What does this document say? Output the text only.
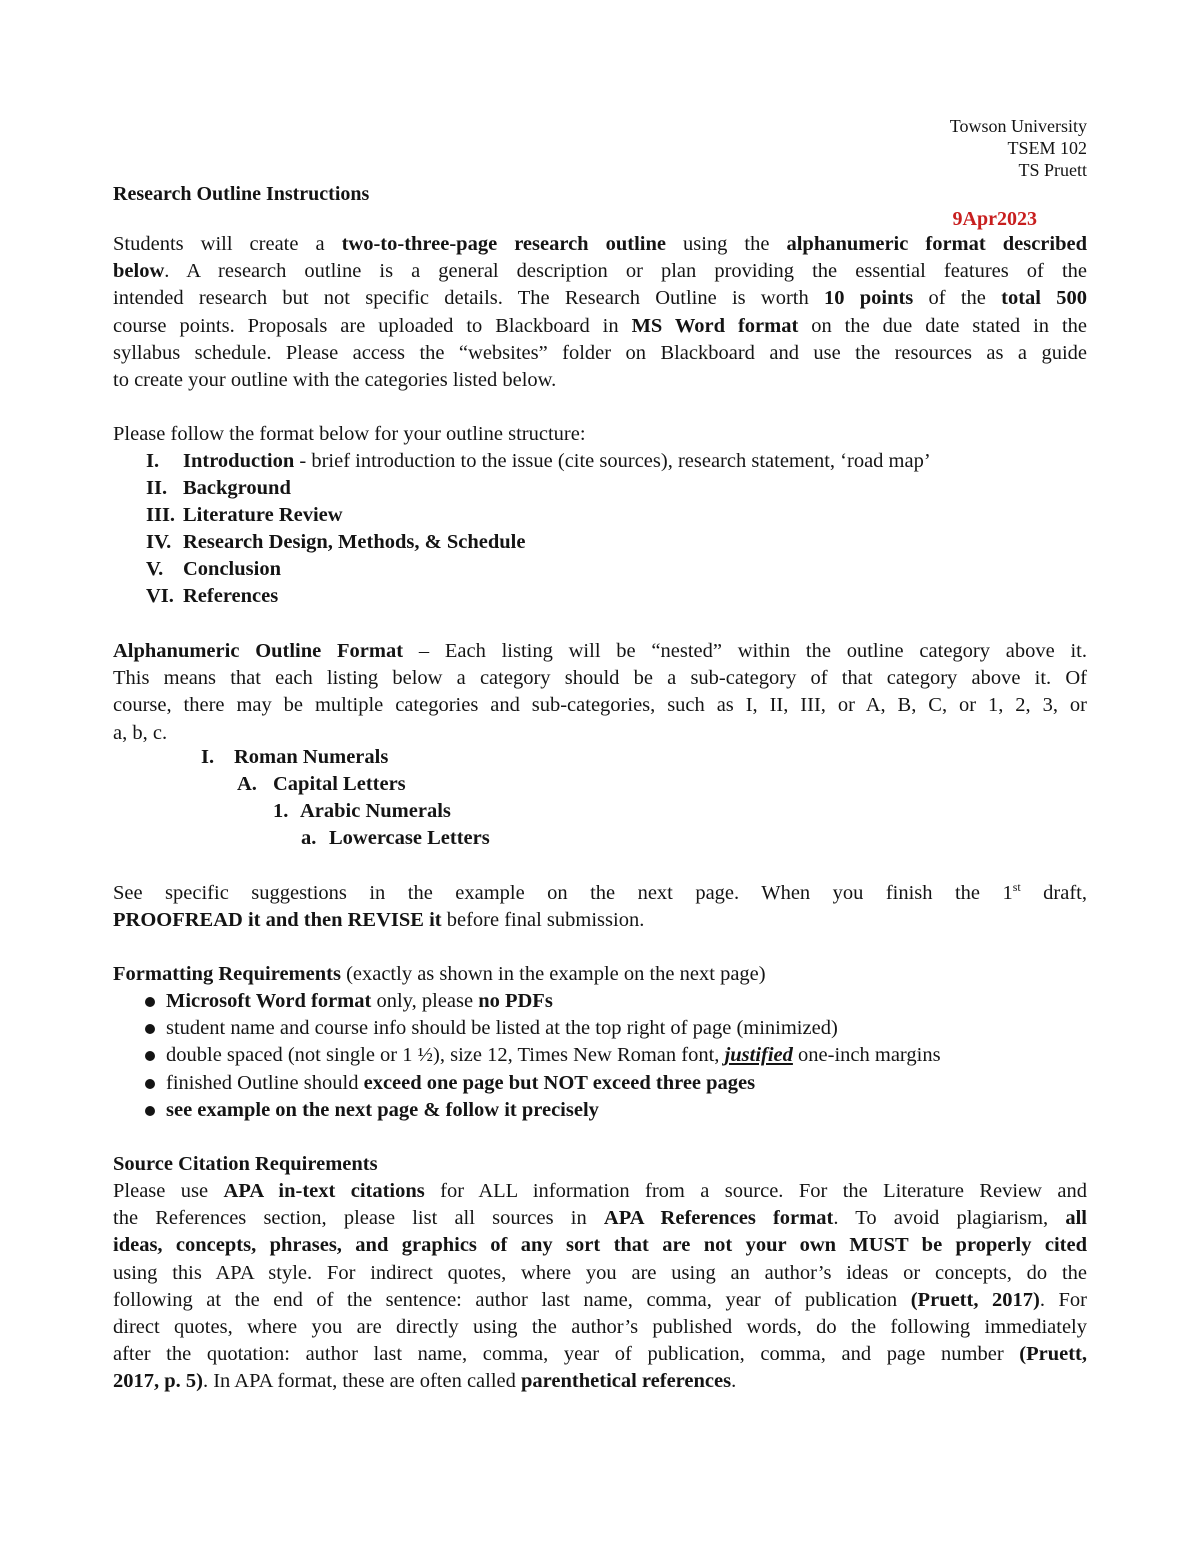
Towson University
TSEM 102
TS Pruett
Research Outline Instructions
9Apr2023
Students will create a two-to-three-page research outline using the alphanumeric format described
below. A research outline is a general description or plan providing the essential features of the
intended research but not specific details. The Research Outline is worth 10 points of the total 500
course points. Proposals are uploaded to Blackboard in MS Word format on the due date stated in the
syllabus schedule. Please access the “websites” folder on Blackboard and use the resources as a guide
to create your outline with the categories listed below.
Please follow the format below for your outline structure:
I. Introduction - brief introduction to the issue (cite sources), research statement, ‘road map’
II. Background
III. Literature Review
IV. Research Design, Methods, & Schedule
V. Conclusion
VI. References
Alphanumeric Outline Format – Each listing will be “nested” within the outline category above it.
This means that each listing below a category should be a sub-category of that category above it. Of
course, there may be multiple categories and sub-categories, such as I, II, III, or A, B, C, or 1, 2, 3, or
a, b, c.
I. Roman Numerals
A. Capital Letters
1. Arabic Numerals
a. Lowercase Letters
See specific suggestions in the example on the next page. When you finish the 1st draft,
PROOFREAD it and then REVISE it before final submission.
Formatting Requirements (exactly as shown in the example on the next page)
Microsoft Word format only, please no PDFs
student name and course info should be listed at the top right of page (minimized)
double spaced (not single or 1 ½), size 12, Times New Roman font, justified one-inch margins
finished Outline should exceed one page but NOT exceed three pages
see example on the next page & follow it precisely
Source Citation Requirements
Please use APA in-text citations for ALL information from a source. For the Literature Review and
the References section, please list all sources in APA References format. To avoid plagiarism, all
ideas, concepts, phrases, and graphics of any sort that are not your own MUST be properly cited
using this APA style. For indirect quotes, where you are using an author’s ideas or concepts, do the
following at the end of the sentence: author last name, comma, year of publication (Pruett, 2017). For
direct quotes, where you are directly using the author’s published words, do the following immediately
after the quotation: author last name, comma, year of publication, comma, and page number (Pruett,
2017, p. 5). In APA format, these are often called parenthetical references.
